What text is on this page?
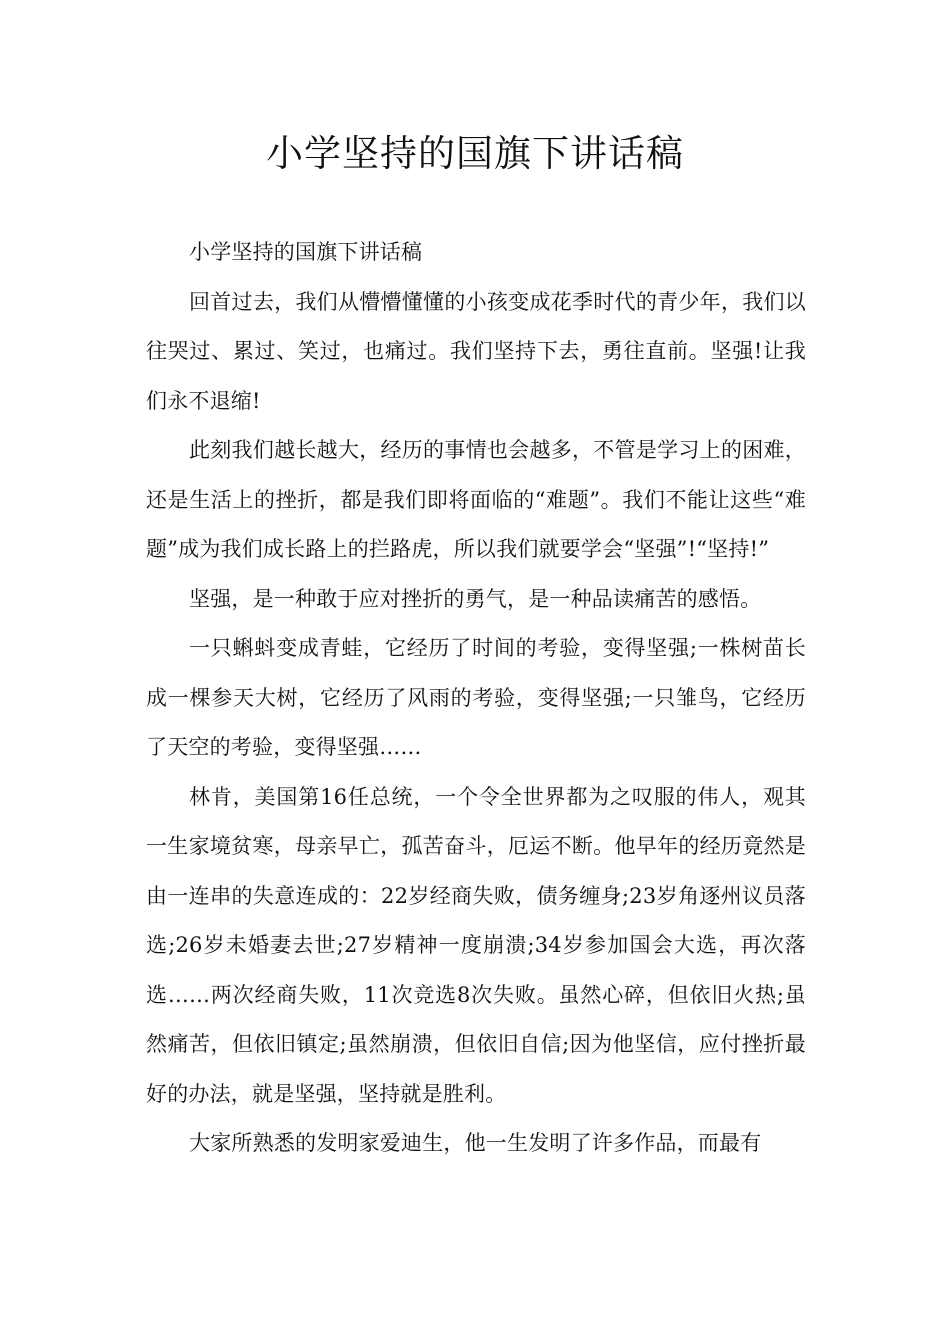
小学坚持的国旗下讲话稿

小学坚持的国旗下讲话稿

回首过去，我们从懵懵懂懂的小孩变成花季时代的青少年，我们以往哭过、累过、笑过，也痛过。我们坚持下去，勇往直前。坚强!让我们永不退缩!

此刻我们越长越大，经历的事情也会越多，不管是学习上的困难，还是生活上的挫折，都是我们即将面临的“难题”。我们不能让这些“难题”成为我们成长路上的拦路虎，所以我们就要学会“坚强”!“坚持!”

坚强，是一种敢于应对挫折的勇气，是一种品读痛苦的感悟。

一只蝌蚪变成青蛙，它经历了时间的考验，变得坚强;一株树苗长成一棵参天大树，它经历了风雨的考验，变得坚强;一只雏鸟，它经历了天空的考验，变得坚强……

林肯，美国第16任总统，一个令全世界都为之叹服的伟人，观其一生家境贫寒，母亲早亡，孤苦奋斗，厄运不断。他早年的经历竟然是由一连串的失意连成的：22岁经商失败，债务缠身;23岁角逐州议员落选;26岁未婚妻去世;27岁精神一度崩溃;34岁参加国会大选，再次落选……两次经商失败，11次竞选8次失败。虽然心碎，但依旧火热;虽然痛苦，但依旧镇定;虽然崩溃，但依旧自信;因为他坚信，应付挫折最好的办法，就是坚强，坚持就是胜利。

大家所熟悉的发明家爱迪生，他一生发明了许多作品，而最有
